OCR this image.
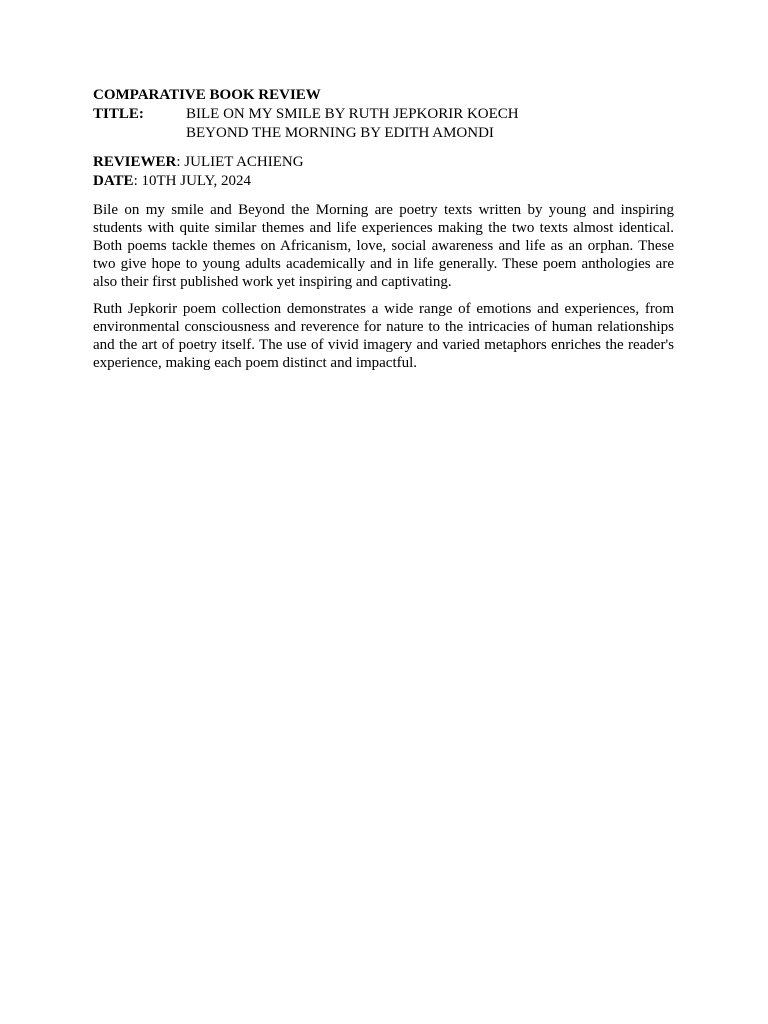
COMPARATIVE BOOK REVIEW
TITLE:	BILE ON MY SMILE BY RUTH JEPKORIR KOECH
BEYOND THE MORNING BY EDITH AMONDI
REVIEWER: JULIET ACHIENG
DATE: 10TH JULY, 2024

Bile on my smile and Beyond the Morning are poetry texts written by young and inspiring students with quite similar themes and life experiences making the two texts almost identical. Both poems tackle themes on Africanism, love, social awareness and life as an orphan. These two give hope to young adults academically and in life generally. These poem anthologies are also their first published work yet inspiring and captivating.

Ruth Jepkorir poem collection demonstrates a wide range of emotions and experiences, from environmental consciousness and reverence for nature to the intricacies of human relationships and the art of poetry itself. The use of vivid imagery and varied metaphors enriches the reader's experience, making each poem distinct and impactful.
